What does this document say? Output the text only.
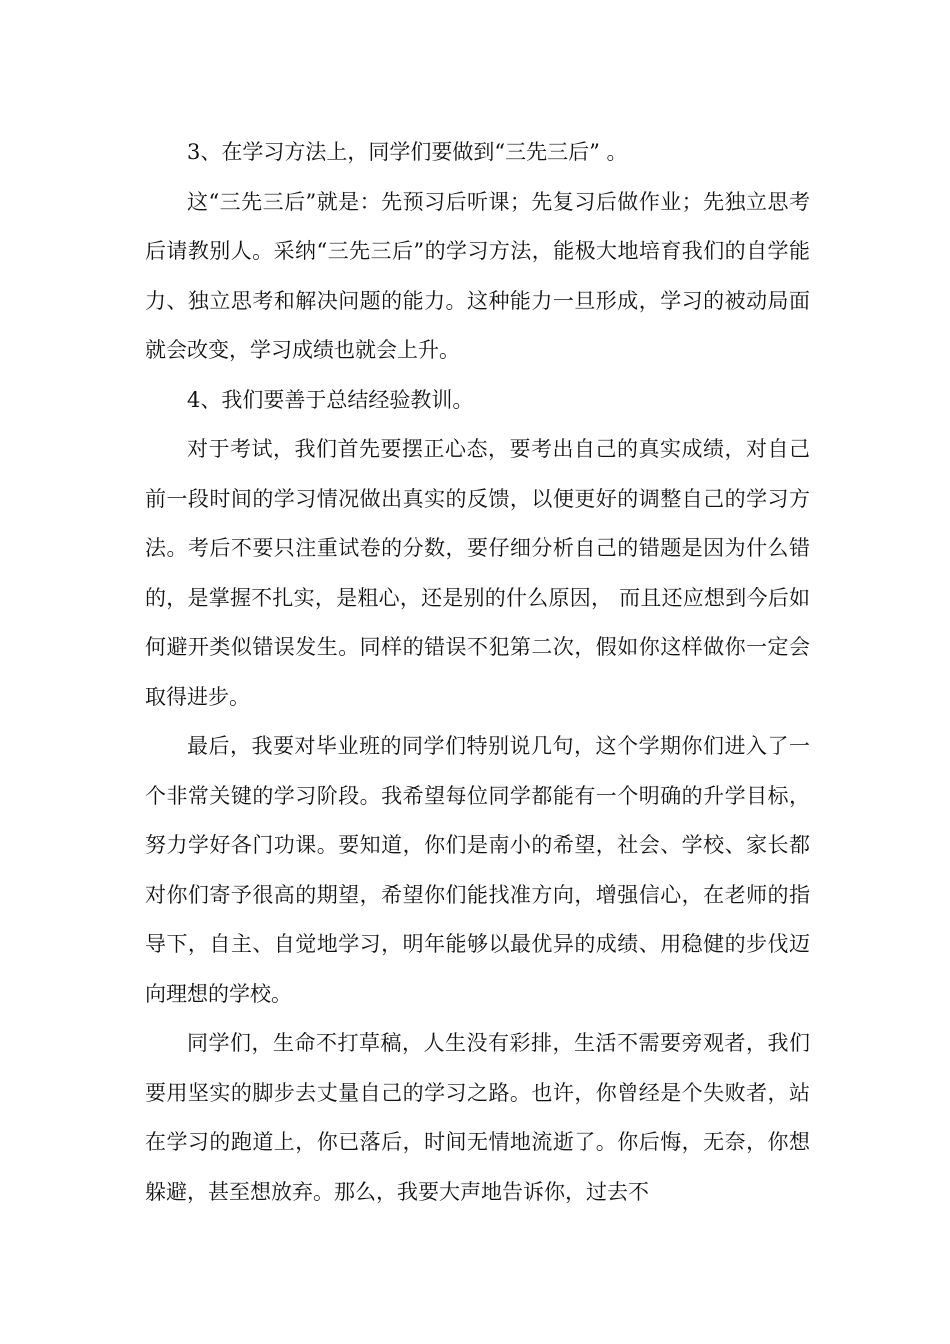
3、在学习方法上，同学们要做到“三先三后” 。

这“三先三后”就是：先预习后听课；先复习后做作业；先独立思考后请教别人。采纳“三先三后”的学习方法，能极大地培育我们的自学能力、独立思考和解决问题的能力。这种能力一旦形成，学习的被动局面就会改变，学习成绩也就会上升。

4、我们要善于总结经验教训。

对于考试，我们首先要摆正心态，要考出自己的真实成绩，对自己前一段时间的学习情况做出真实的反馈，以便更好的调整自己的学习方法。考后不要只注重试卷的分数，要仔细分析自己的错题是因为什么错的，是掌握不扎实，是粗心，还是别的什么原因， 而且还应想到今后如何避开类似错误发生。同样的错误不犯第二次，假如你这样做你一定会取得进步。

最后，我要对毕业班的同学们特别说几句，这个学期你们进入了一个非常关键的学习阶段。我希望每位同学都能有一个明确的升学目标，努力学好各门功课。要知道，你们是南小的希望，社会、学校、家长都对你们寄予很高的期望，希望你们能找准方向，增强信心，在老师的指导下，自主、自觉地学习，明年能够以最优异的成绩、用稳健的步伐迈向理想的学校。

同学们，生命不打草稿，人生没有彩排，生活不需要旁观者，我们要用坚实的脚步去丈量自己的学习之路。也许，你曾经是个失败者，站在学习的跑道上，你已落后，时间无情地流逝了。你后悔，无奈，你想躲避，甚至想放弃。那么，我要大声地告诉你，过去不
